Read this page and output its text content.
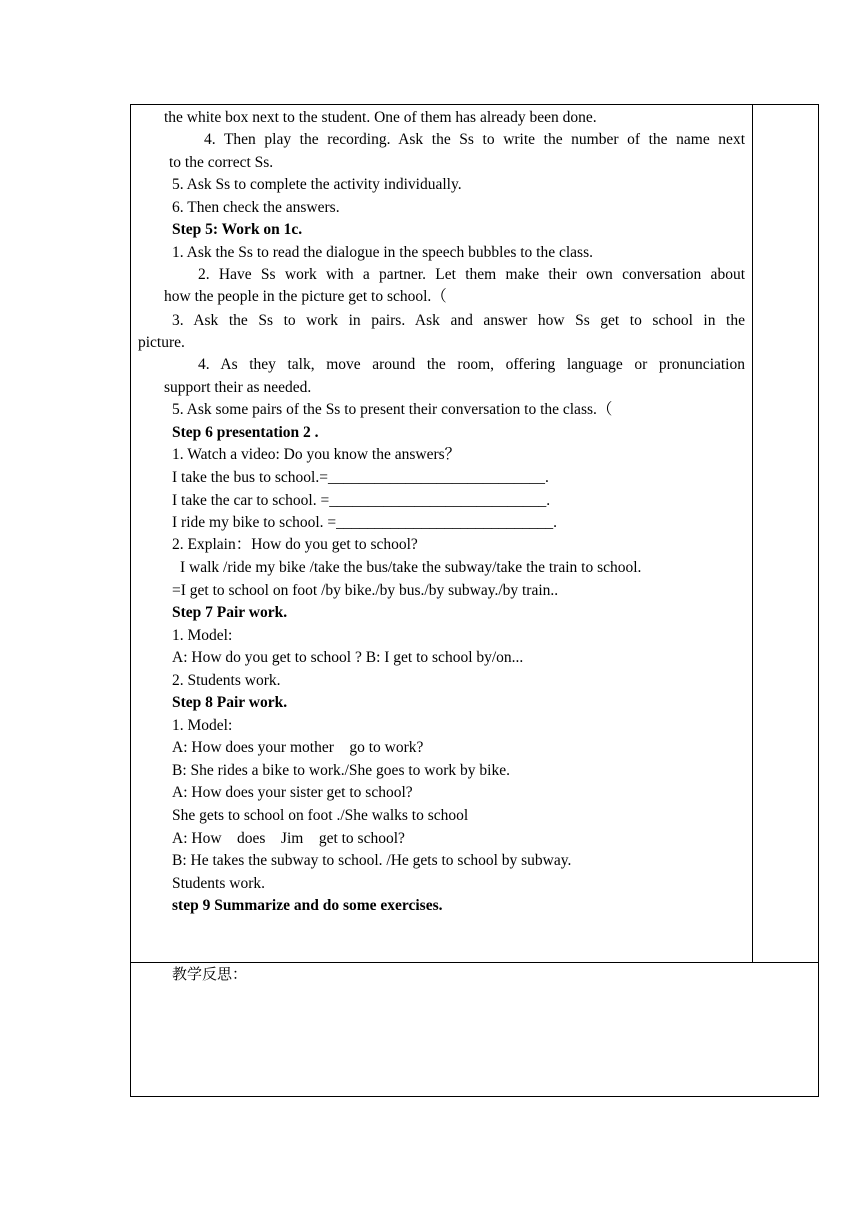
the white box next to the student. One of them has already been done.
4. Then play the recording. Ask the Ss to write the number of the name next
to the correct Ss.
5. Ask Ss to complete the activity individually.
6. Then check the answers.
Step 5: Work on 1c.
1. Ask the Ss to read the dialogue in the speech bubbles to the class.
2. Have Ss work with a partner. Let them make their own conversation about
how the people in the picture get to school.（
3. Ask the Ss to work in pairs. Ask and answer how Ss get to school in the
picture.
4. As they talk, move around the room, offering language or pronunciation
support their as needed.
5. Ask some pairs of the Ss to present their conversation to the class.（
Step 6 presentation 2 .
1. Watch a video: Do you know the answers？
I take the bus to school.=____________________________.
I take the car to school. =____________________________.
I ride my bike to school. =____________________________.
2. Explain：How do you get to school?
I walk /ride my bike /take the bus/take the subway/take the train to school.
=I get to school on foot /by bike./by bus./by subway./by train..
Step 7 Pair work.
1. Model:
A: How do you get to school ? B: I get to school by/on...
2. Students work.
Step 8 Pair work.
1. Model:
A: How does your mother    go to work?
B: She rides a bike to work./She goes to work by bike.
A: How does your sister get to school?
She gets to school on foot ./She walks to school
A: How    does    Jim    get to school?
B: He takes the subway to school. /He gets to school by subway.
Students work.
step 9 Summarize and do some exercises.
教学反思：
